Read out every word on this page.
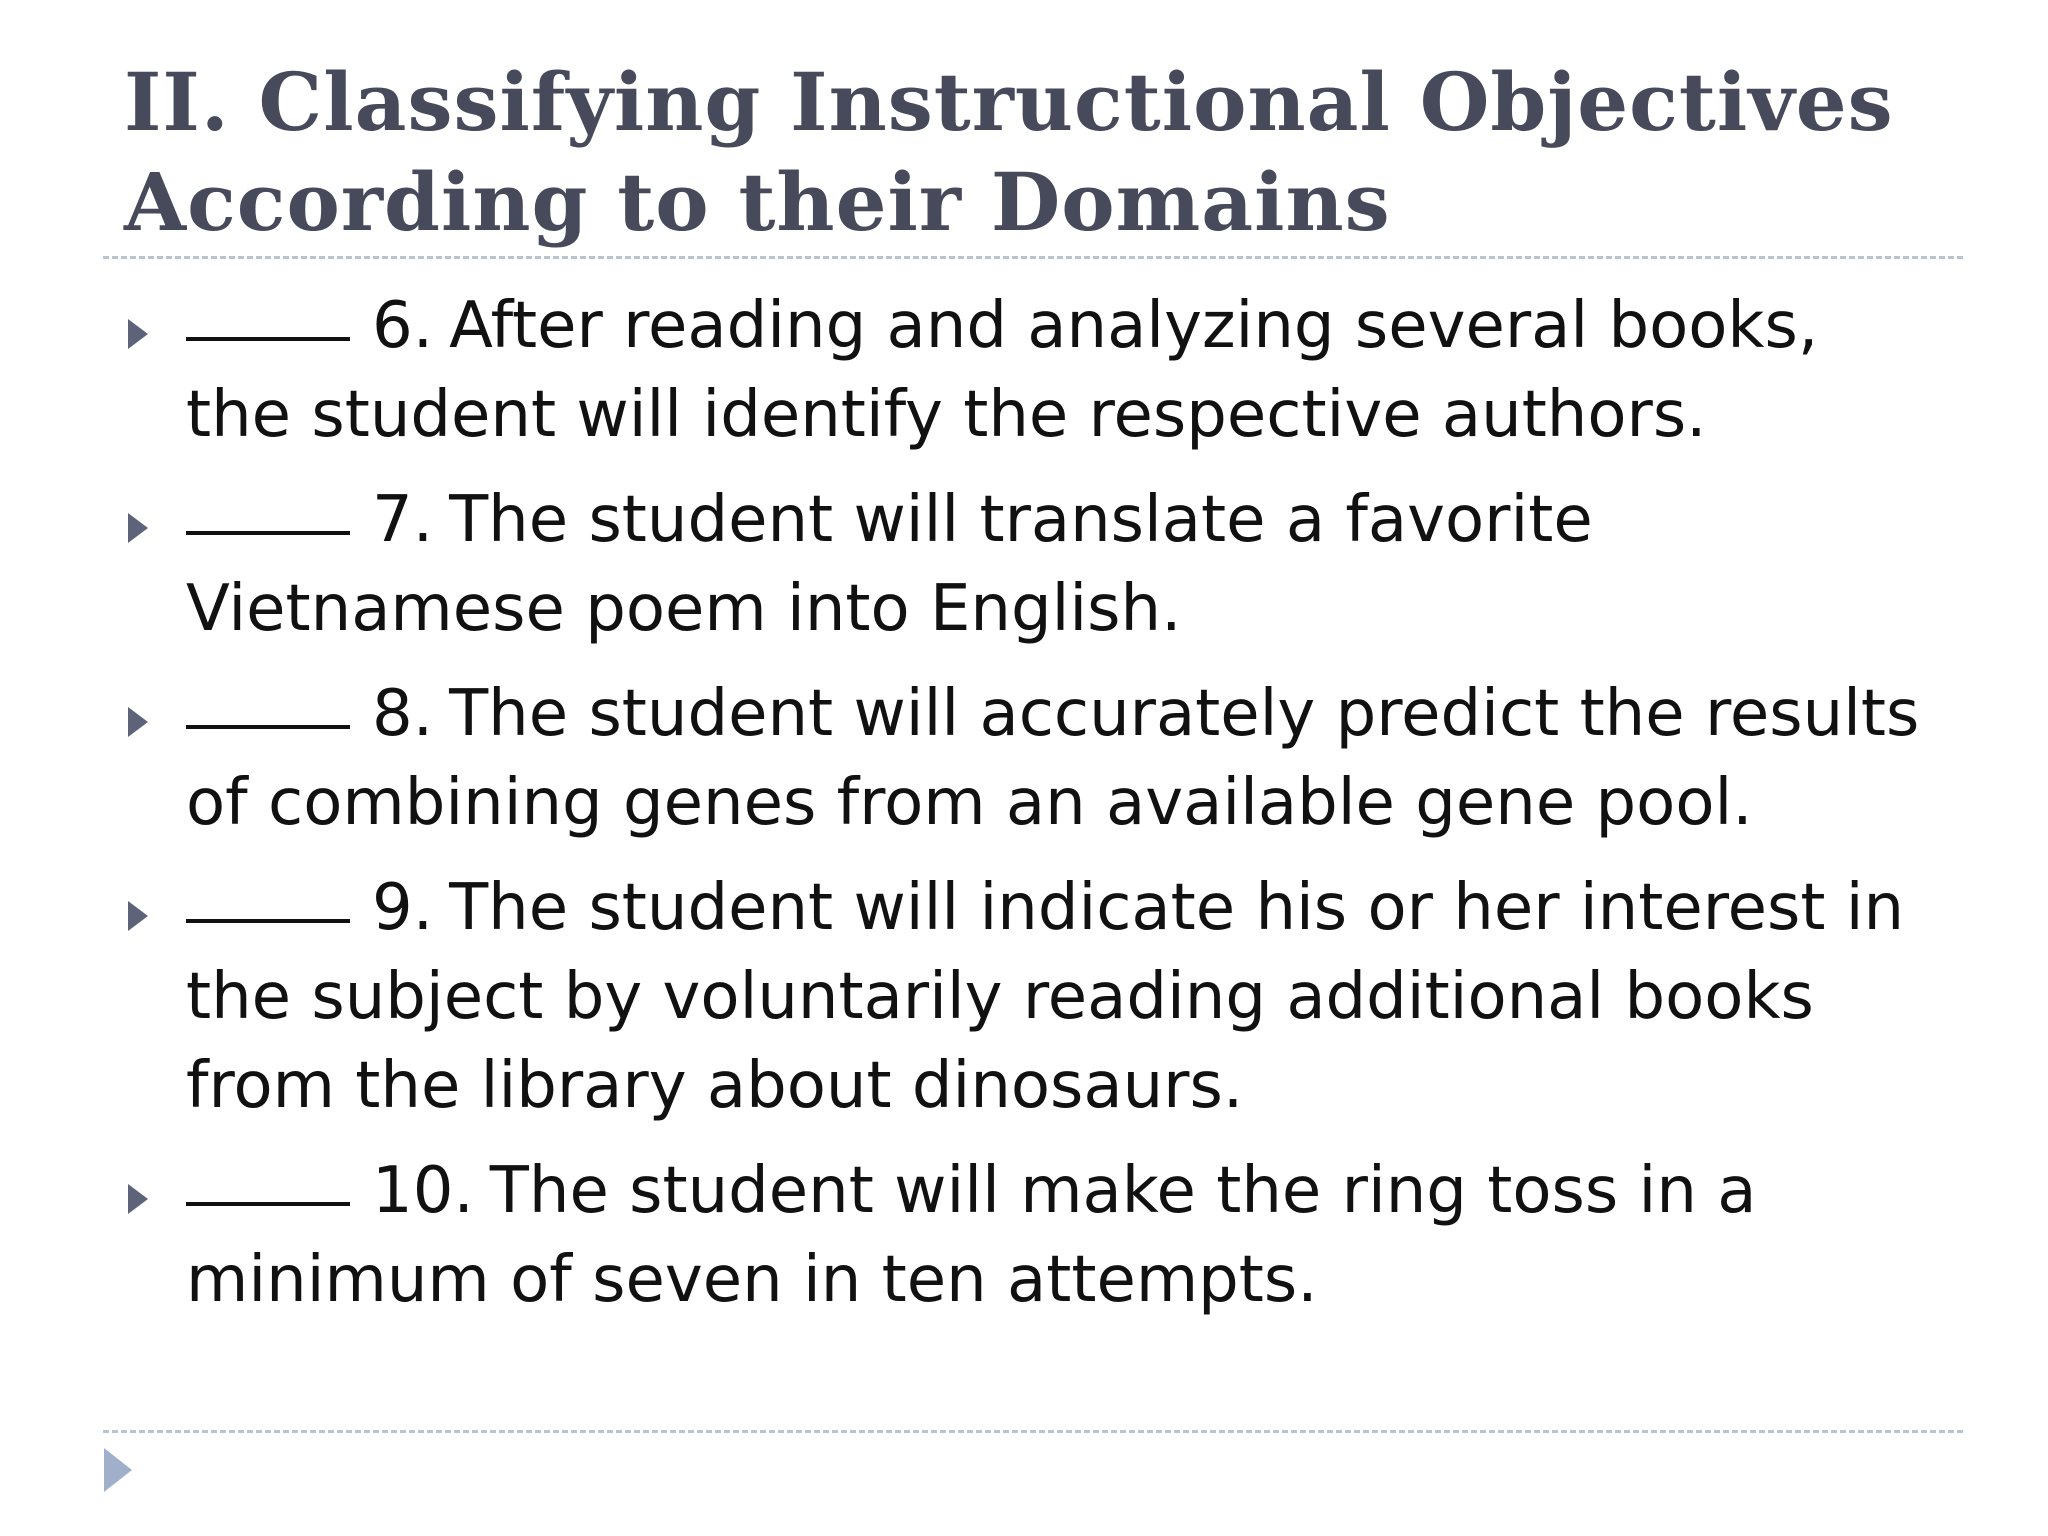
II. Classifying Instructional Objectives
According to their Domains
6. After reading and analyzing several books, the student will identify the respective authors.
7. The student will translate a favorite Vietnamese poem into English.
8. The student will accurately predict the results of combining genes from an available gene pool.
9. The student will indicate his or her interest in the subject by voluntarily reading additional books from the library about dinosaurs.
10. The student will make the ring toss in a minimum of seven in ten attempts.
